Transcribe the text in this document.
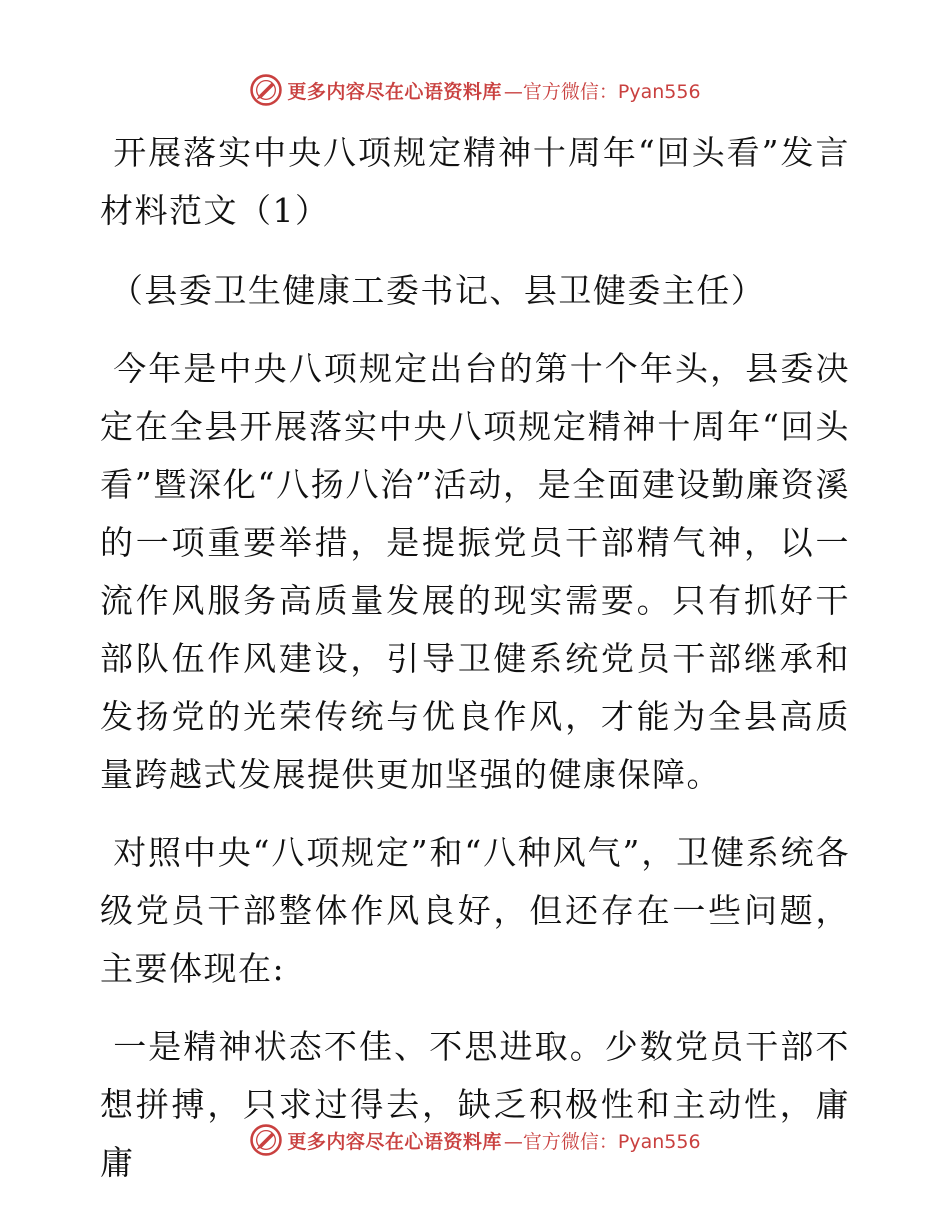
更多内容尽在心语资料库 —官方微信：Pyan556

开展落实中央八项规定精神十周年“回头看”发言材料范文（1）

（县委卫生健康工委书记、县卫健委主任）

今年是中央八项规定出台的第十个年头，县委决定在全县开展落实中央八项规定精神十周年“回头看”暨深化“八扬八治”活动，是全面建设勤廉资溪的一项重要举措，是提振党员干部精气神，以一流作风服务高质量发展的现实需要。只有抓好干部队伍作风建设，引导卫健系统党员干部继承和发扬党的光荣传统与优良作风，才能为全县高质量跨越式发展提供更加坚强的健康保障。

对照中央“八项规定”和“八种风气”，卫健系统各级党员干部整体作风良好，但还存在一些问题，主要体现在:

一是精神状态不佳、不思进取。少数党员干部不想拼搏，只求过得去，缺乏积极性和主动性，庸庸

更多内容尽在心语资料库 —官方微信：Pyan556
